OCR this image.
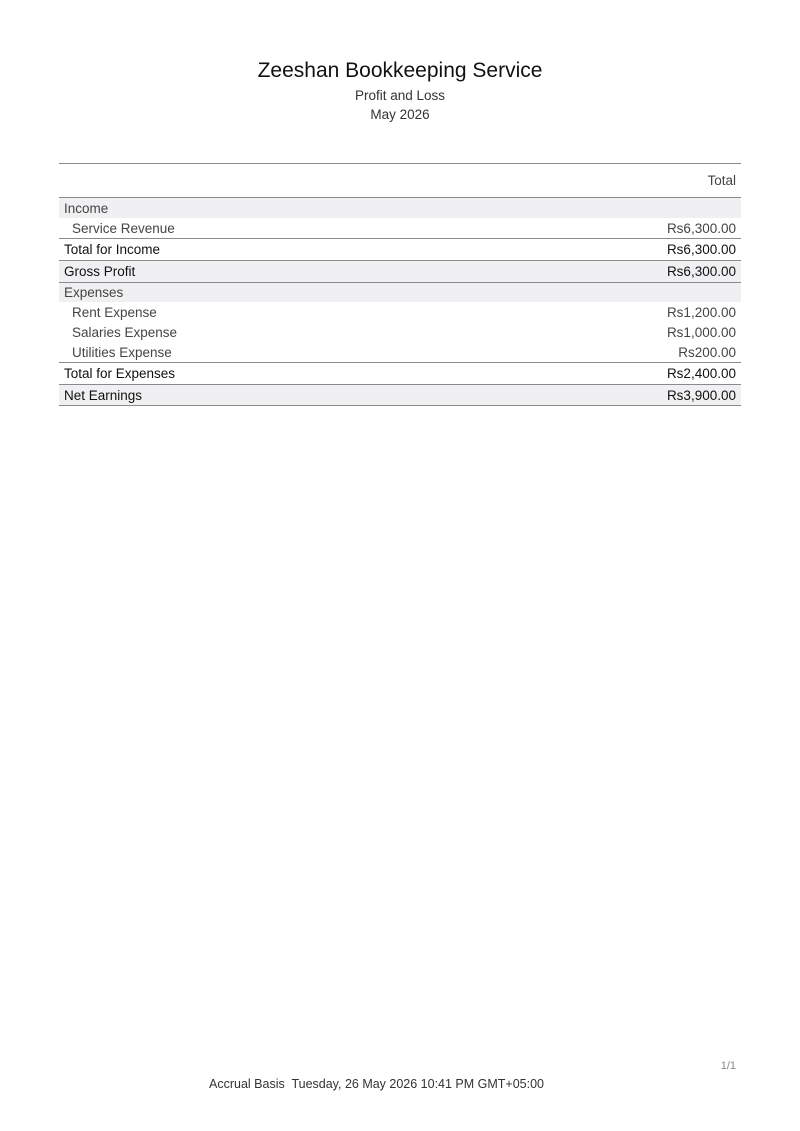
Zeeshan Bookkeeping Service
Profit and Loss
May 2026
Total
Income
Service Revenue	Rs6,300.00
Total for Income	Rs6,300.00
Gross Profit	Rs6,300.00
Expenses
Rent Expense	Rs1,200.00
Salaries Expense	Rs1,000.00
Utilities Expense	Rs200.00
Total for Expenses	Rs2,400.00
Net Earnings	Rs3,900.00
1/1
Accrual Basis  Tuesday, 26 May 2026 10:41 PM GMT+05:00
